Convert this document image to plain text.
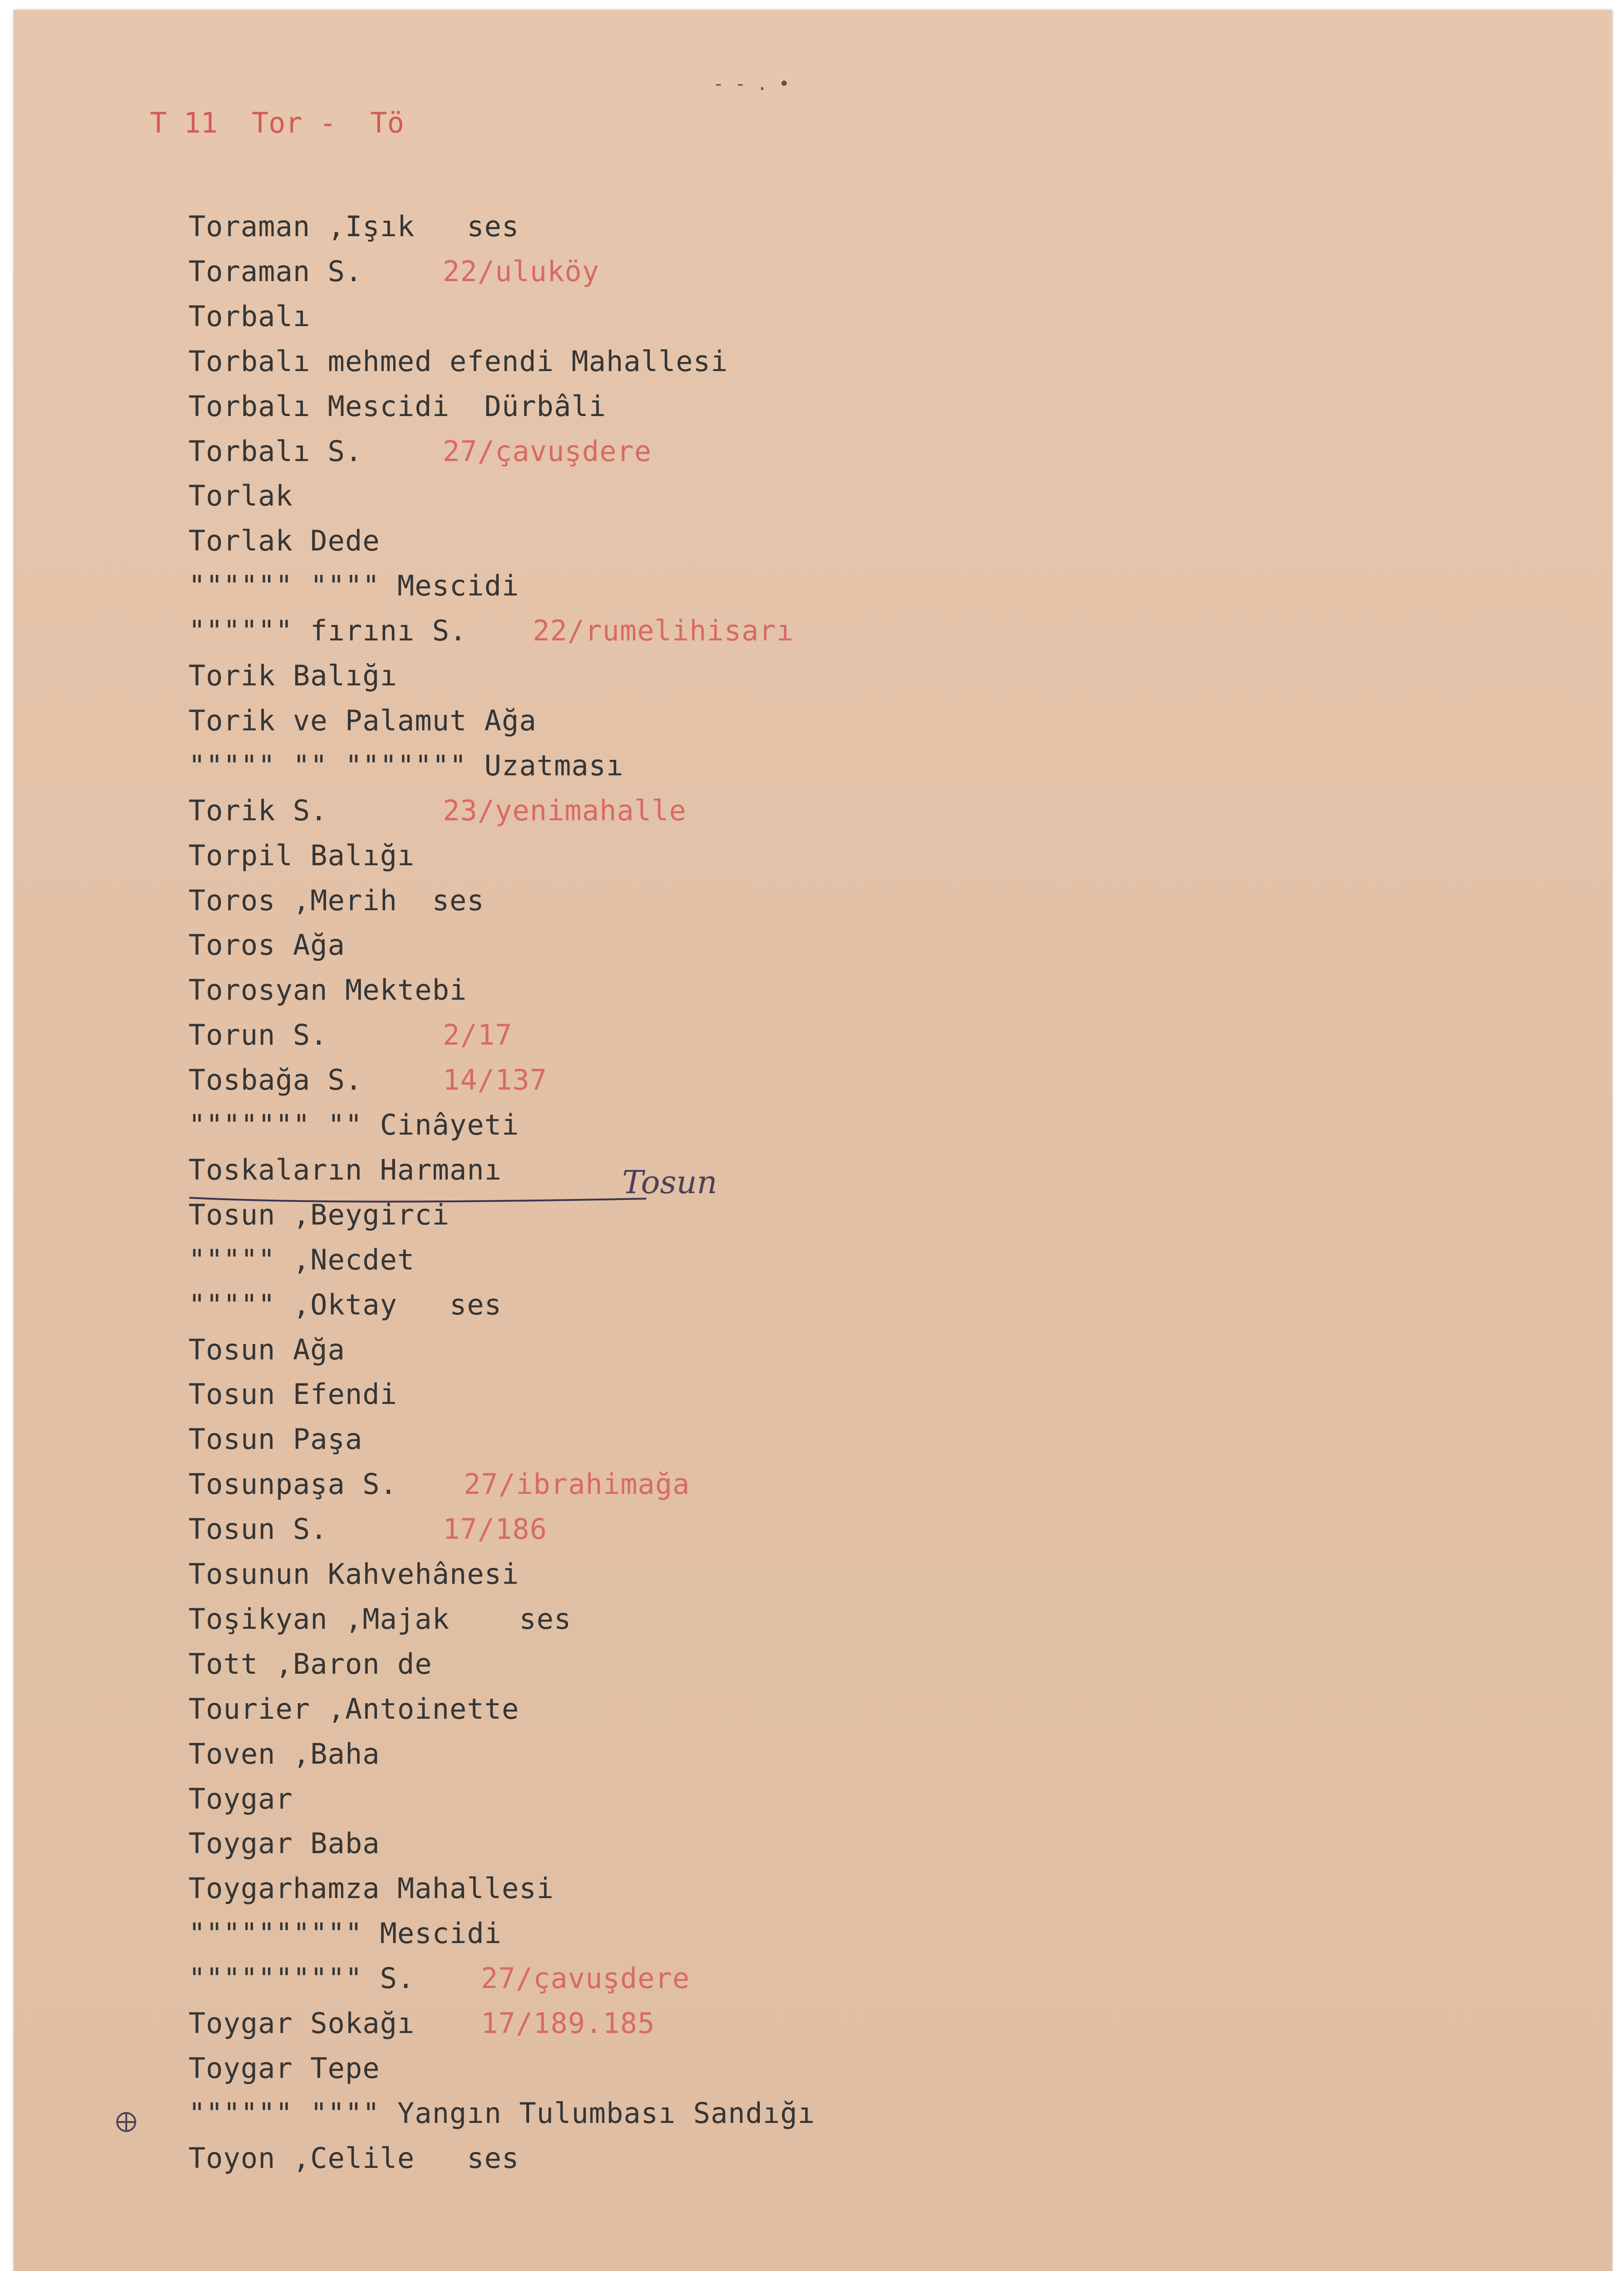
- - . •
T 11  Tor -  Tö
Toraman ,Işık   ses
Toraman S.	22/uluköy
Torbalı
Torbalı mehmed efendi Mahallesi
Torbalı Mescidi  Dürbâli
Torbalı S.	27/çavuşdere
Torlak
Torlak Dede
"""""" """" Mescidi
"""""" fırını S. 22/rumelihisarı
Torik Balığı
Torik ve Palamut Ağa
""""" "" """"""" Uzatması
Torik S.	23/yenimahalle
Torpil Balığı
Toros ,Merih  ses
Toros Ağa
Torosyan Mektebi
Torun S.	2/17
Tosbağa S.	14/137
""""""" "" Cinâyeti
Toskaların Harmanı
Tosun ,Beygirci
""""" ,Necdet
""""" ,Oktay   ses
Tosun Ağa
Tosun Efendi
Tosun Paşa
Tosunpaşa S. 27/ibrahimağa
Tosun S.	17/186
Tosunun Kahvehânesi
Toşikyan ,Majak    ses
Tott ,Baron de
Tourier ,Antoinette
Toven ,Baha
Toygar
Toygar Baba
Toygarhamza Mahallesi
"""""""""" Mescidi
"""""""""" S. 27/çavuşdere
Toygar Sokağı 17/189.185
Toygar Tepe
"""""" """" Yangın Tulumbası Sandığı
Toyon ,Celile   ses
Tosun
